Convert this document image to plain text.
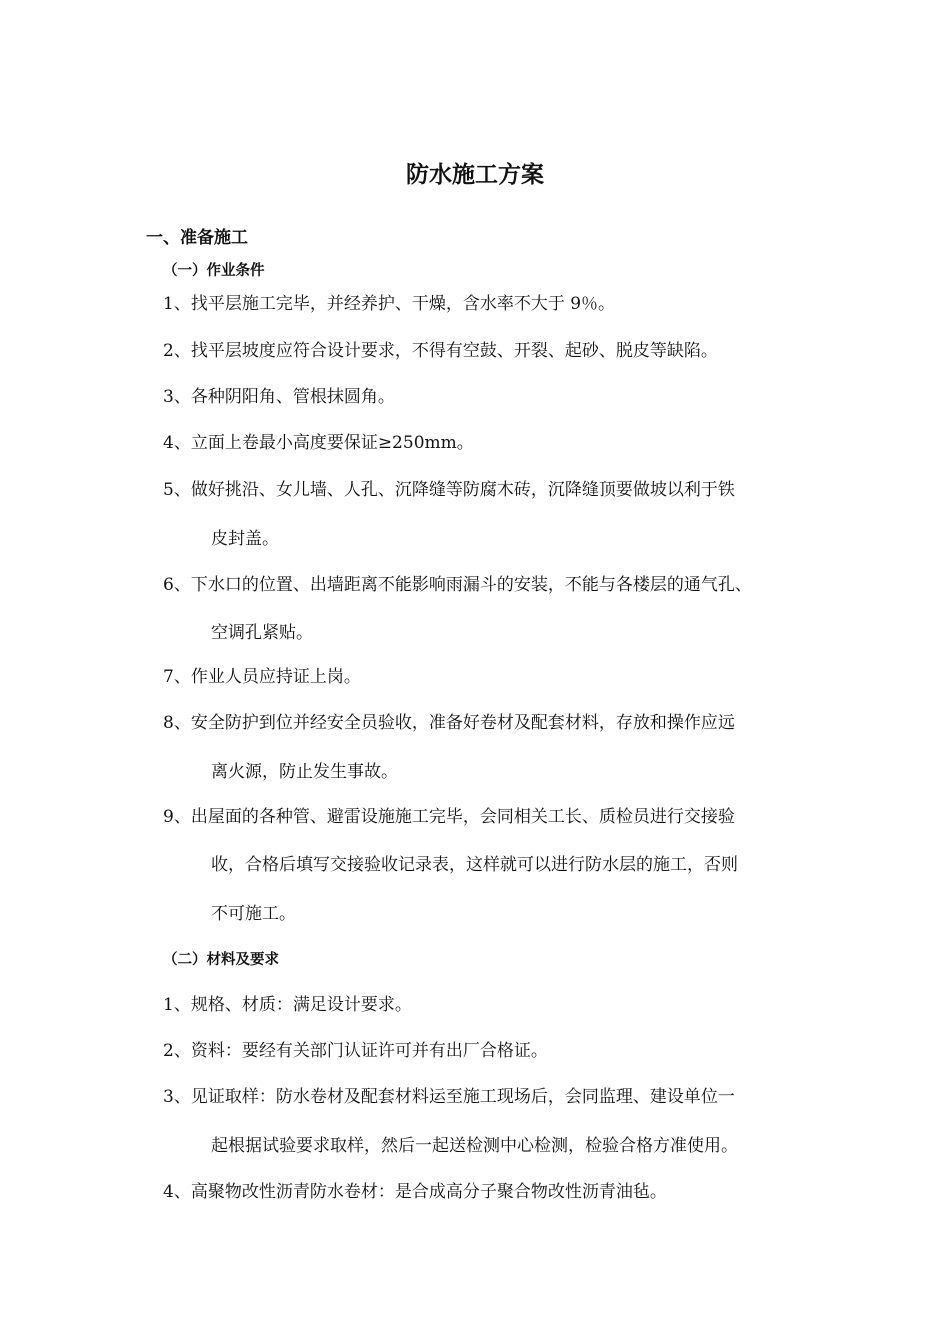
防水施工方案
一、准备施工
（一）作业条件
1、找平层施工完毕，并经养护、干燥，含水率不大于 9％。
2、找平层坡度应符合设计要求，不得有空鼓、开裂、起砂、脱皮等缺陷。
3、各种阴阳角、管根抹圆角。
4、立面上卷最小高度要保证≥250mm。
5、做好挑沿、女儿墙、人孔、沉降缝等防腐木砖，沉降缝顶要做坡以利于铁
皮封盖。
6、下水口的位置、出墙距离不能影响雨漏斗的安装，不能与各楼层的通气孔、
空调孔紧贴。
7、作业人员应持证上岗。
8、安全防护到位并经安全员验收，准备好卷材及配套材料，存放和操作应远
离火源，防止发生事故。
9、出屋面的各种管、避雷设施施工完毕，会同相关工长、质检员进行交接验
收，合格后填写交接验收记录表，这样就可以进行防水层的施工，否则
不可施工。
（二）材料及要求
1、规格、材质：满足设计要求。
2、资料：要经有关部门认证许可并有出厂合格证。
3、见证取样：防水卷材及配套材料运至施工现场后，会同监理、建设单位一
起根据试验要求取样，然后一起送检测中心检测，检验合格方准使用。
4、高聚物改性沥青防水卷材：是合成高分子聚合物改性沥青油毡。
